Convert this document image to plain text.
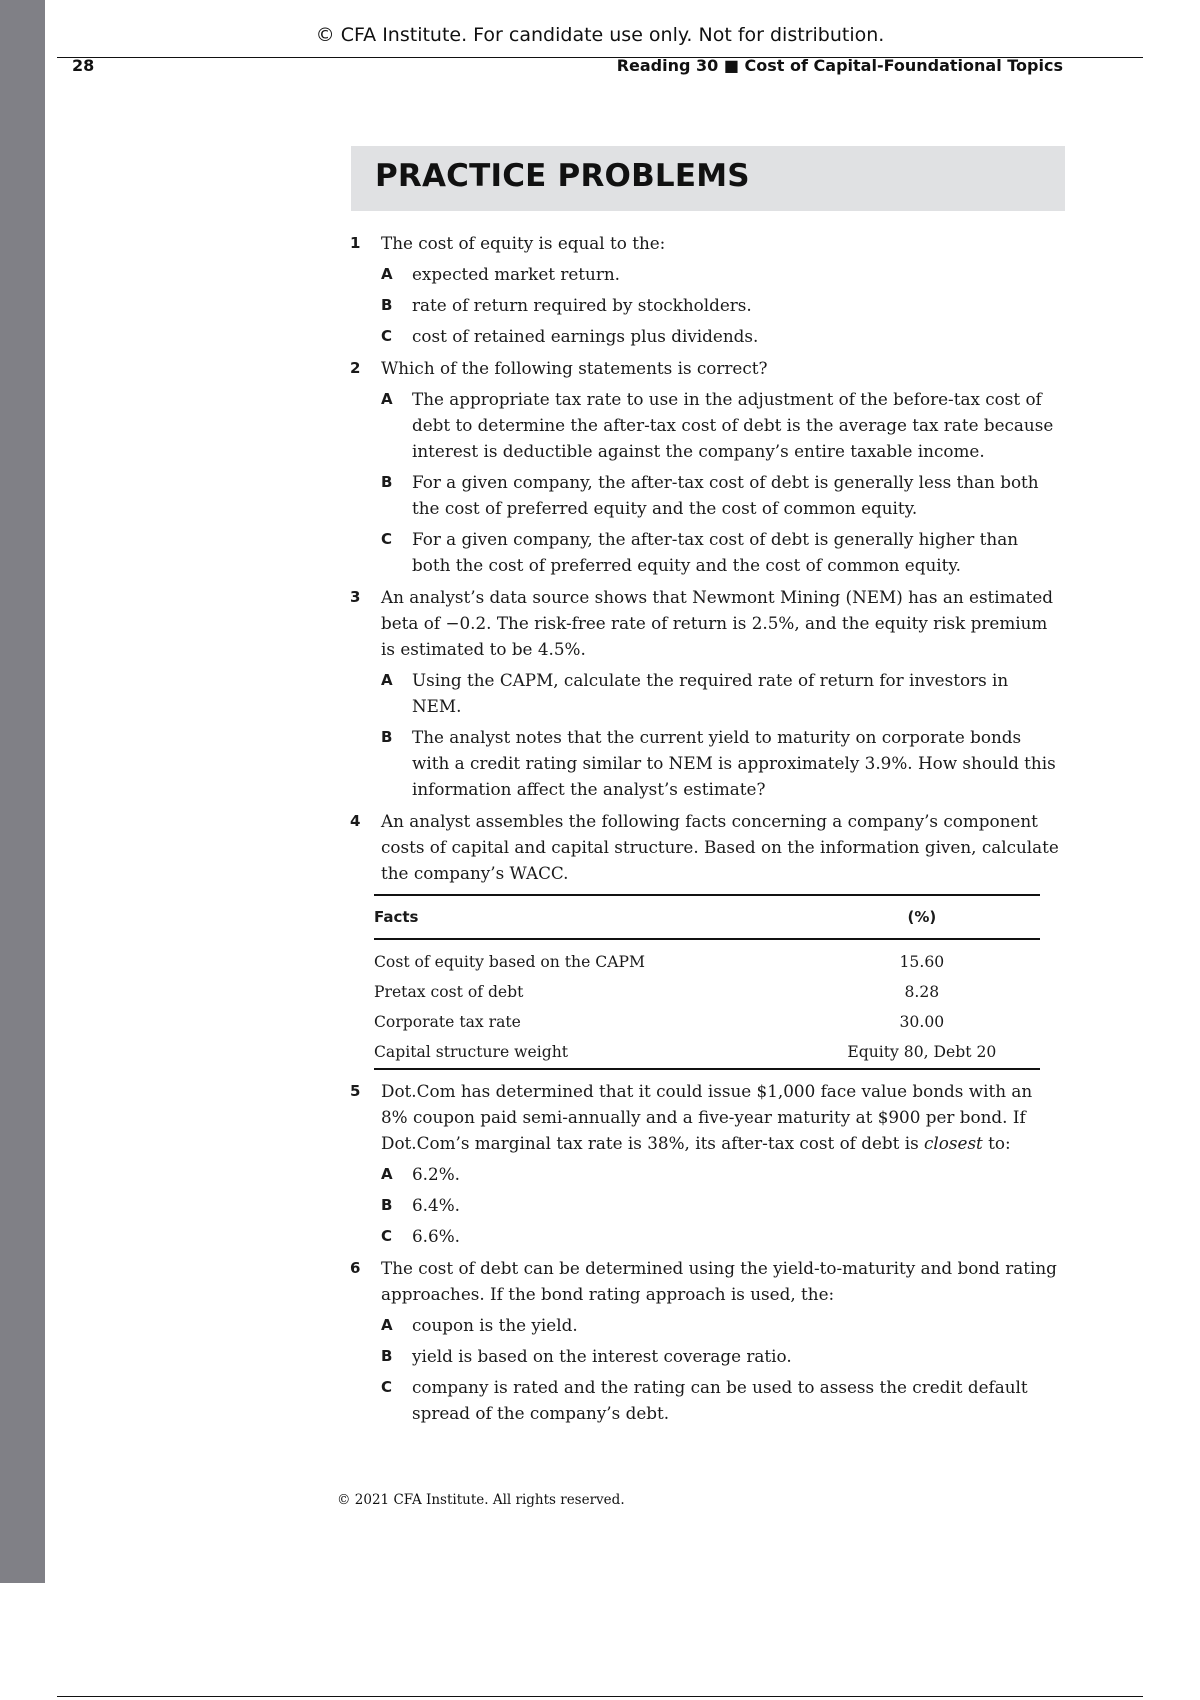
© CFA Institute. For candidate use only. Not for distribution.
28	Reading 30 ■ Cost of Capital-Foundational Topics
PRACTICE PROBLEMS
1 The cost of equity is equal to the:
A expected market return.
B rate of return required by stockholders.
C cost of retained earnings plus dividends.
2 Which of the following statements is correct?
A The appropriate tax rate to use in the adjustment of the before-tax cost of debt to determine the after-tax cost of debt is the average tax rate because interest is deductible against the company’s entire taxable income.
B For a given company, the after-tax cost of debt is generally less than both the cost of preferred equity and the cost of common equity.
C For a given company, the after-tax cost of debt is generally higher than both the cost of preferred equity and the cost of common equity.
3 An analyst’s data source shows that Newmont Mining (NEM) has an estimated beta of −0.2. The risk-free rate of return is 2.5%, and the equity risk premium is estimated to be 4.5%.
A Using the CAPM, calculate the required rate of return for investors in NEM.
B The analyst notes that the current yield to maturity on corporate bonds with a credit rating similar to NEM is approximately 3.9%. How should this information affect the analyst’s estimate?
4 An analyst assembles the following facts concerning a company’s component costs of capital and capital structure. Based on the information given, calculate the company’s WACC.
Facts	(%)
Cost of equity based on the CAPM	15.60
Pretax cost of debt	8.28
Corporate tax rate	30.00
Capital structure weight	Equity 80, Debt 20
5 Dot.Com has determined that it could issue $1,000 face value bonds with an 8% coupon paid semi-annually and a five-year maturity at $900 per bond. If Dot.Com’s marginal tax rate is 38%, its after-tax cost of debt is closest to:
A 6.2%.
B 6.4%.
C 6.6%.
6 The cost of debt can be determined using the yield-to-maturity and bond rating approaches. If the bond rating approach is used, the:
A coupon is the yield.
B yield is based on the interest coverage ratio.
C company is rated and the rating can be used to assess the credit default spread of the company’s debt.
© 2021 CFA Institute. All rights reserved.
